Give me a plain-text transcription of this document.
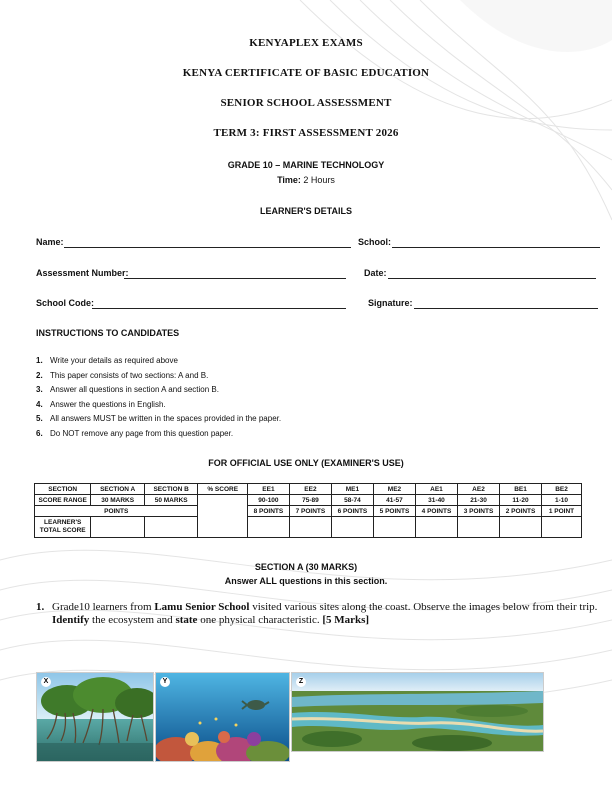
KENYAPLEX EXAMS
KENYA CERTIFICATE OF BASIC EDUCATION
SENIOR SCHOOL ASSESSMENT
TERM 3: FIRST ASSESSMENT 2026
GRADE 10 – MARINE TECHNOLOGY
Time: 2 Hours
LEARNER'S DETAILS
Name:	School:
Assessment Number:	Date:
School Code:	Signature:
INSTRUCTIONS TO CANDIDATES
1. Write your details as required above
2. This paper consists of two sections: A and B.
3. Answer all questions in section A and section B.
4. Answer the questions in English.
5. All answers MUST be written in the spaces provided in the paper.
6. Do NOT remove any page from this question paper.
FOR OFFICIAL USE ONLY (EXAMINER'S USE)
SECTION	SECTION A	SECTION B	% SCORE	EE1	EE2	ME1	ME2	AE1	AE2	BE1	BE2
SCORE RANGE	30 MARKS	50 MARKS		90-100	75-89	58-74	41-57	31-40	21-30	11-20	1-10
POINTS				8 POINTS	7 POINTS	6 POINTS	5 POINTS	4 POINTS	3 POINTS	2 POINTS	1 POINT
LEARNER'S TOTAL SCORE											
SECTION A (30 MARKS)
Answer ALL questions in this section.
1. Grade10 learners from Lamu Senior School visited various sites along the coast. Observe the images below from their trip. Identify the ecosystem and state one physical characteristic. [5 Marks]
X	Y	Z
